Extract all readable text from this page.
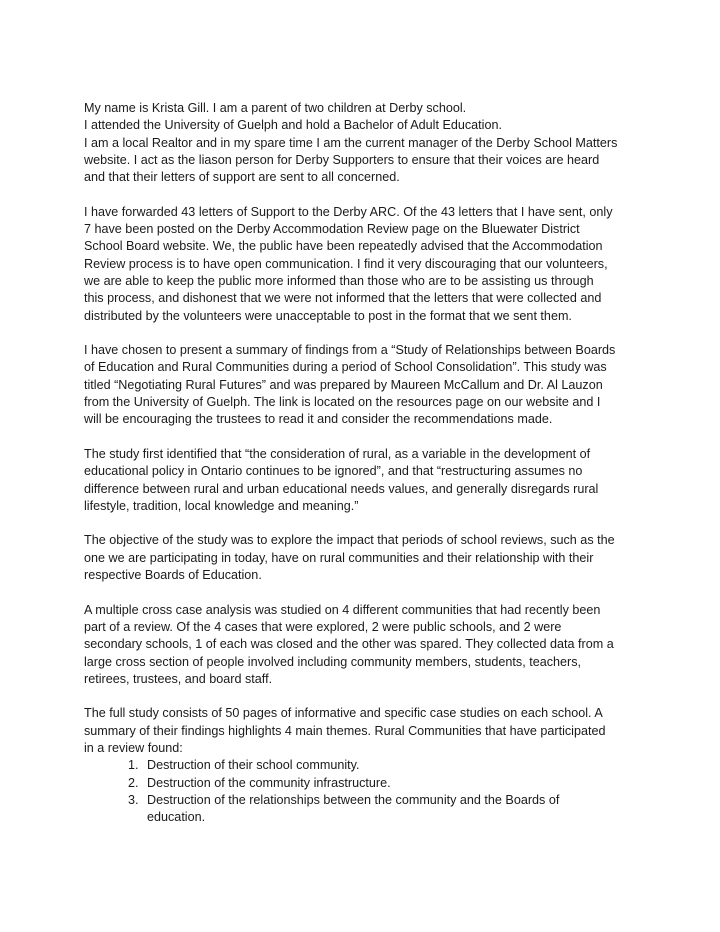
My name is Krista Gill. I am a parent of two children at Derby school.
I attended the University of Guelph and hold a Bachelor of Adult Education.
I am a local Realtor and in my spare time I am the current manager of the Derby School Matters
website. I act as the liason person for Derby Supporters to ensure that their voices are heard
and that their letters of support are sent to all concerned.

I have forwarded 43 letters of Support to the Derby ARC. Of the 43 letters that I have sent, only
7 have been posted on the Derby Accommodation Review page on the Bluewater District
School Board website. We, the public have been repeatedly advised that the Accommodation
Review process is to have open communication. I find it very discouraging that our volunteers,
we are able to keep the public more informed than those who are to be assisting us through
this process, and dishonest that we were not informed that the letters that were collected and
distributed by the volunteers were unacceptable to post in the format that we sent them.

I have chosen to present a summary of findings from a “Study of Relationships between Boards
of Education and Rural Communities during a period of School Consolidation”. This study was
titled “Negotiating Rural Futures” and was prepared by Maureen McCallum and Dr. Al Lauzon
from the University of Guelph. The link is located on the resources page on our website and I
will be encouraging the trustees to read it and consider the recommendations made.

The study first identified that “the consideration of rural, as a variable in the development of
educational policy in Ontario continues to be ignored”, and that “restructuring assumes no
difference between rural and urban educational needs values, and generally disregards rural
lifestyle, tradition, local knowledge and meaning.”

The objective of the study was to explore the impact that periods of school reviews, such as the
one we are participating in today, have on rural communities and their relationship with their
respective Boards of Education.

A multiple cross case analysis was studied on 4 different communities that had recently been
part of a review. Of the 4 cases that were explored, 2 were public schools, and 2 were
secondary schools, 1 of each was closed and the other was spared. They collected data from a
large cross section of people involved including community members, students, teachers,
retirees, trustees, and board staff.

The full study consists of 50 pages of informative and specific case studies on each school. A
summary of their findings highlights 4 main themes. Rural Communities that have participated
in a review found:

1. Destruction of their school community.
2. Destruction of the community infrastructure.
3. Destruction of the relationships between the community and the Boards of
education.
